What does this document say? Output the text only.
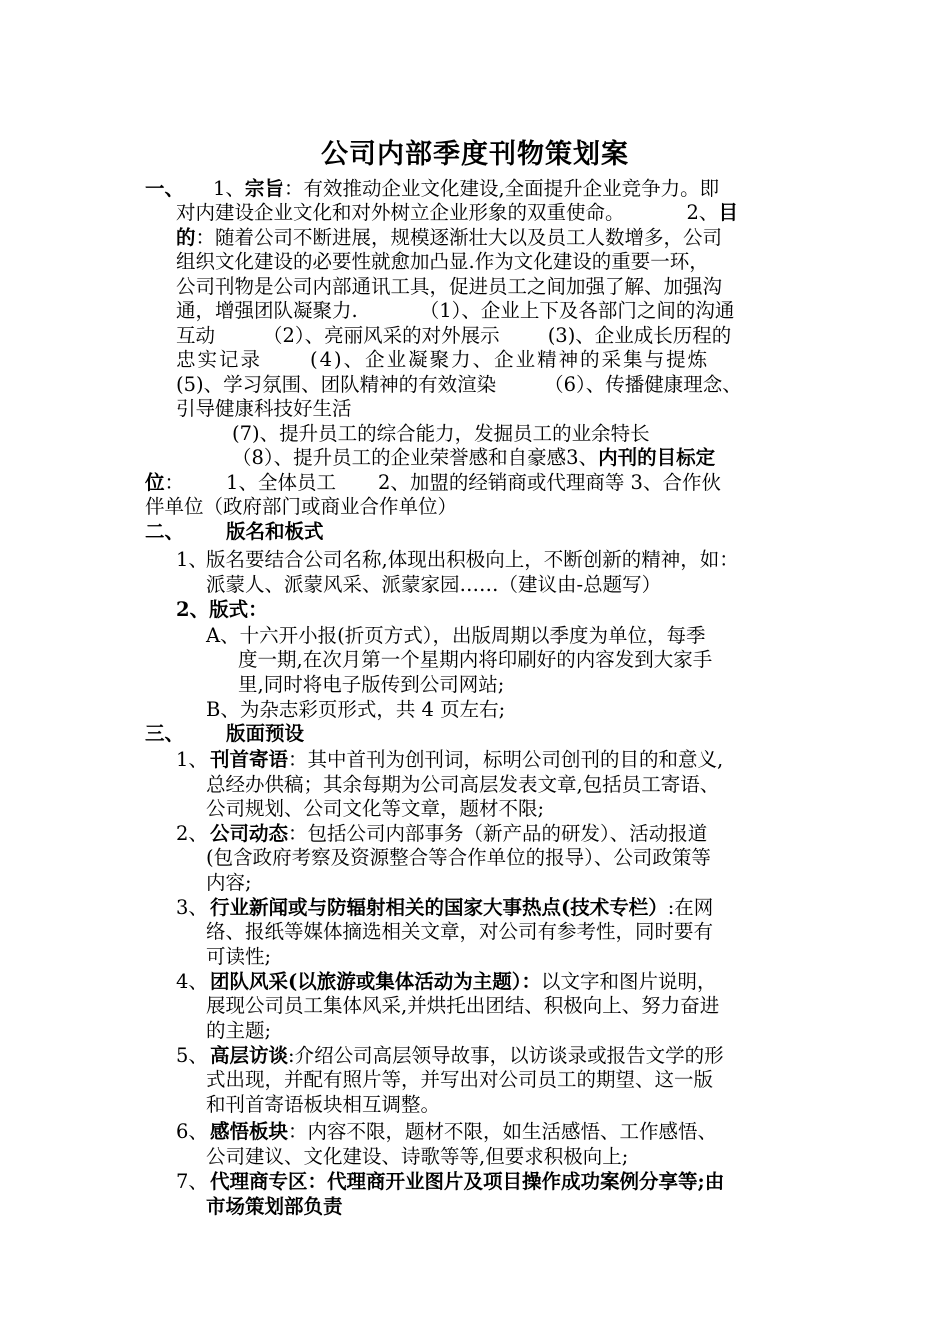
公司内部季度刊物策划案
一、 1、宗旨：有效推动企业文化建设,全面提升企业竞争力。即
对内建设企业文化和对外树立企业形象的双重使命。	2、目
的：随着公司不断进展，规模逐渐壮大以及员工人数增多，公司
组织文化建设的必要性就愈加凸显.作为文化建设的重要一环，
公司刊物是公司内部通讯工具，促进员工之间加强了解、加强沟
通，增强团队凝聚力.	（1）、企业上下及各部门之间的沟通
互动 （2）、亮丽风采的对外展示 (3)、企业成长历程的
忠实记录 (4)、企业凝聚力、企业精神的采集与提炼
(5)、学习氛围、团队精神的有效渲染 （6）、传播健康理念、
引导健康科技好生活
(7)、提升员工的综合能力，发掘员工的业余特长
（8）、提升员工的企业荣誉感和自豪感3、内刊的目标定
位： 1、全体员工 2、加盟的经销商或代理商等 3、合作伙
伴单位（政府部门或商业合作单位）
二、 版名和板式
1、
版名要结合公司名称,体现出积极向上，不断创新的精神，如：
派蒙人、派蒙风采、派蒙家园……（建议由-总题写）
2、版式：
A、十六开小报(折页方式），出版周期以季度为单位，每季
度一期,在次月第一个星期内将印刷好的内容发到大家手
里,同时将电子版传到公司网站;
B、为杂志彩页形式，共 4 页左右;
三、 版面预设
1、 刊首寄语：其中首刊为创刊词，标明公司创刊的目的和意义,
总经办供稿；其余每期为公司高层发表文章,包括员工寄语、
公司规划、公司文化等文章，题材不限;
2、 公司动态：包括公司内部事务（新产品的研发）、活动报道
(包含政府考察及资源整合等合作单位的报导）、公司政策等
内容;
3、 行业新闻或与防辐射相关的国家大事热点(技术专栏）:在网
络、报纸等媒体摘选相关文章，对公司有参考性，同时要有
可读性;
4、 团队风采(以旅游或集体活动为主题）：以文字和图片说明，
展现公司员工集体风采,并烘托出团结、积极向上、努力奋进
的主题;
5、 高层访谈:介绍公司高层领导故事，以访谈录或报告文学的形
式出现，并配有照片等，并写出对公司员工的期望、这一版
和刊首寄语板块相互调整。
6、 感悟板块：内容不限，题材不限，如生活感悟、工作感悟、
公司建议、文化建设、诗歌等等,但要求积极向上;
7、 代理商专区：代理商开业图片及项目操作成功案例分享等;由
市场策划部负责
